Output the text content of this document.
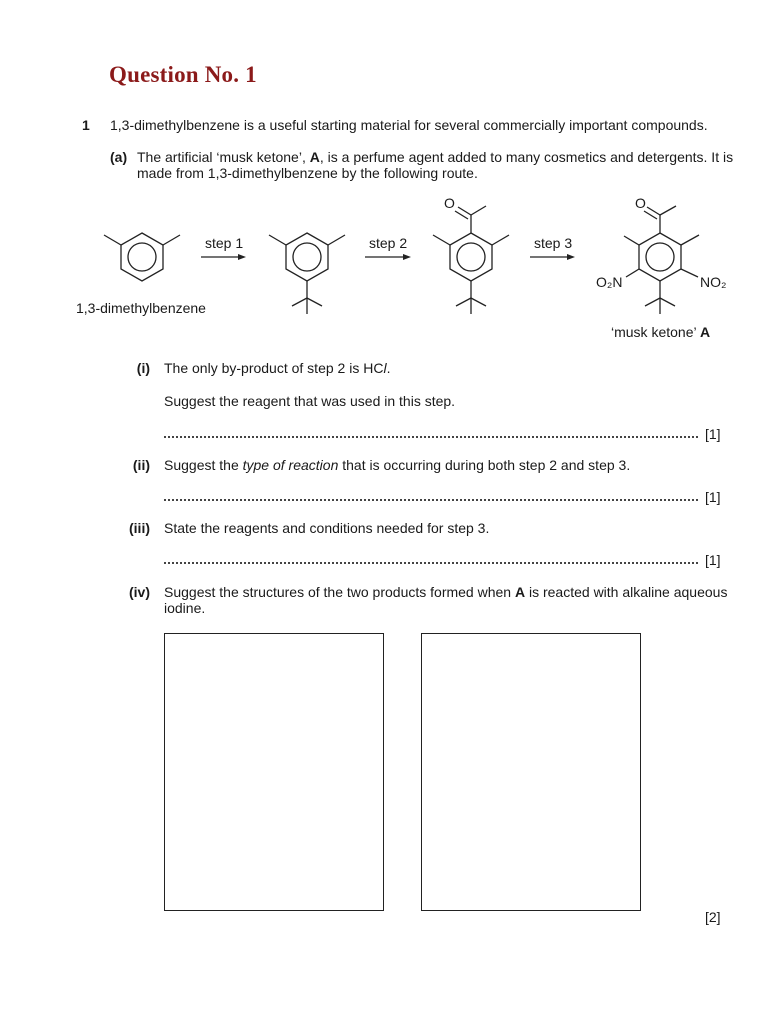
Question No. 1
1 1,3-dimethylbenzene is a useful starting material for several commercially important compounds.
(a) The artificial ‘musk ketone’, A, is a perfume agent added to many cosmetics and detergents. It is made from 1,3-dimethylbenzene by the following route.
step 1	step 2	step 3
O	O
O₂N	NO₂
1,3-dimethylbenzene
‘musk ketone’ A
(i) The only by-product of step 2 is HCl.
Suggest the reagent that was used in this step.
[1]
(ii) Suggest the type of reaction that is occurring during both step 2 and step 3.
[1]
(iii) State the reagents and conditions needed for step 3.
[1]
(iv) Suggest the structures of the two products formed when A is reacted with alkaline aqueous iodine.
[2]
